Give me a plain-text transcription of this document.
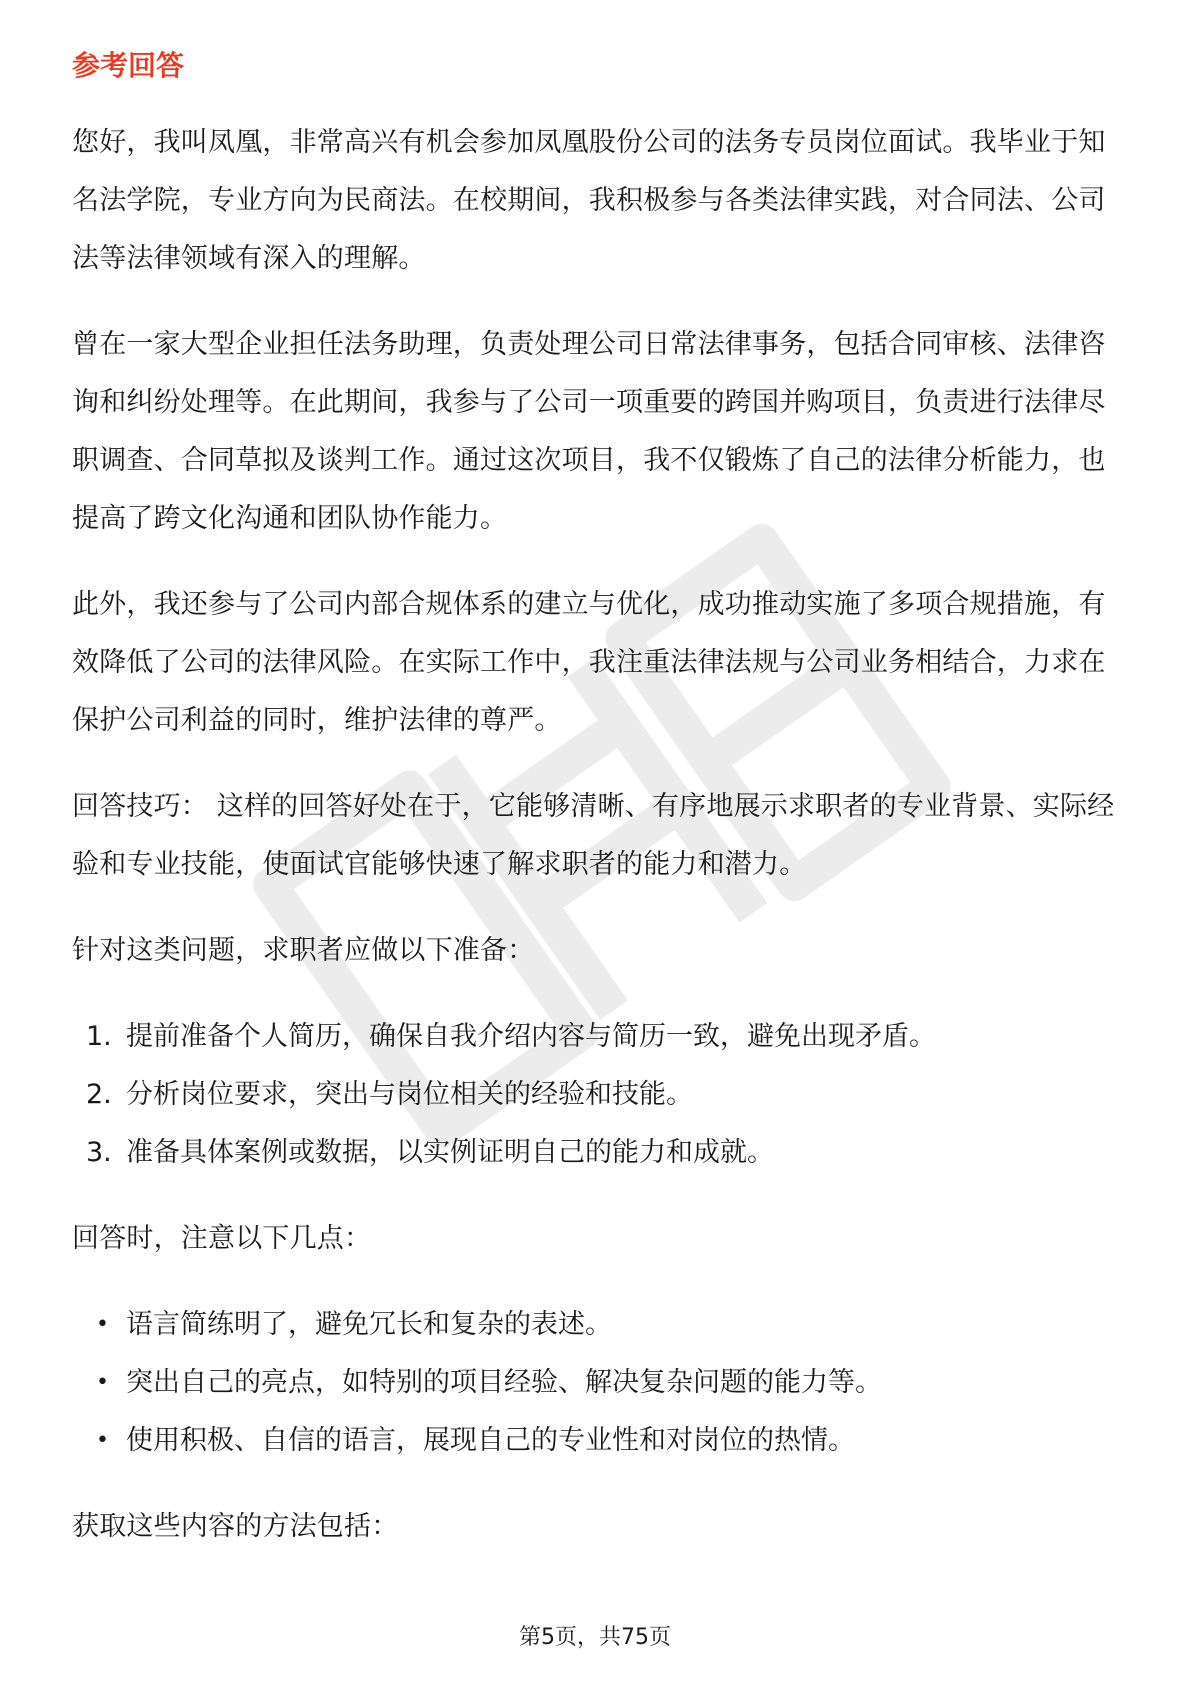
参考回答

您好，我叫凤凰，非常高兴有机会参加凤凰股份公司的法务专员岗位面试。我毕业于知名法学院，专业方向为民商法。在校期间，我积极参与各类法律实践，对合同法、公司法等法律领域有深入的理解。

曾在一家大型企业担任法务助理，负责处理公司日常法律事务，包括合同审核、法律咨询和纠纷处理等。在此期间，我参与了公司一项重要的跨国并购项目，负责进行法律尽职调查、合同草拟及谈判工作。通过这次项目，我不仅锻炼了自己的法律分析能力，也提高了跨文化沟通和团队协作能力。

此外，我还参与了公司内部合规体系的建立与优化，成功推动实施了多项合规措施，有效降低了公司的法律风险。在实际工作中，我注重法律法规与公司业务相结合，力求在保护公司利益的同时，维护法律的尊严。

回答技巧： 这样的回答好处在于，它能够清晰、有序地展示求职者的专业背景、实际经验和专业技能，使面试官能够快速了解求职者的能力和潜力。

针对这类问题，求职者应做以下准备：

1. 提前准备个人简历，确保自我介绍内容与简历一致，避免出现矛盾。
2. 分析岗位要求，突出与岗位相关的经验和技能。
3. 准备具体案例或数据，以实例证明自己的能力和成就。

回答时，注意以下几点：

• 语言简练明了，避免冗长和复杂的表述。
• 突出自己的亮点，如特别的项目经验、解决复杂问题的能力等。
• 使用积极、自信的语言，展现自己的专业性和对岗位的热情。

获取这些内容的方法包括：

第5页，共75页
